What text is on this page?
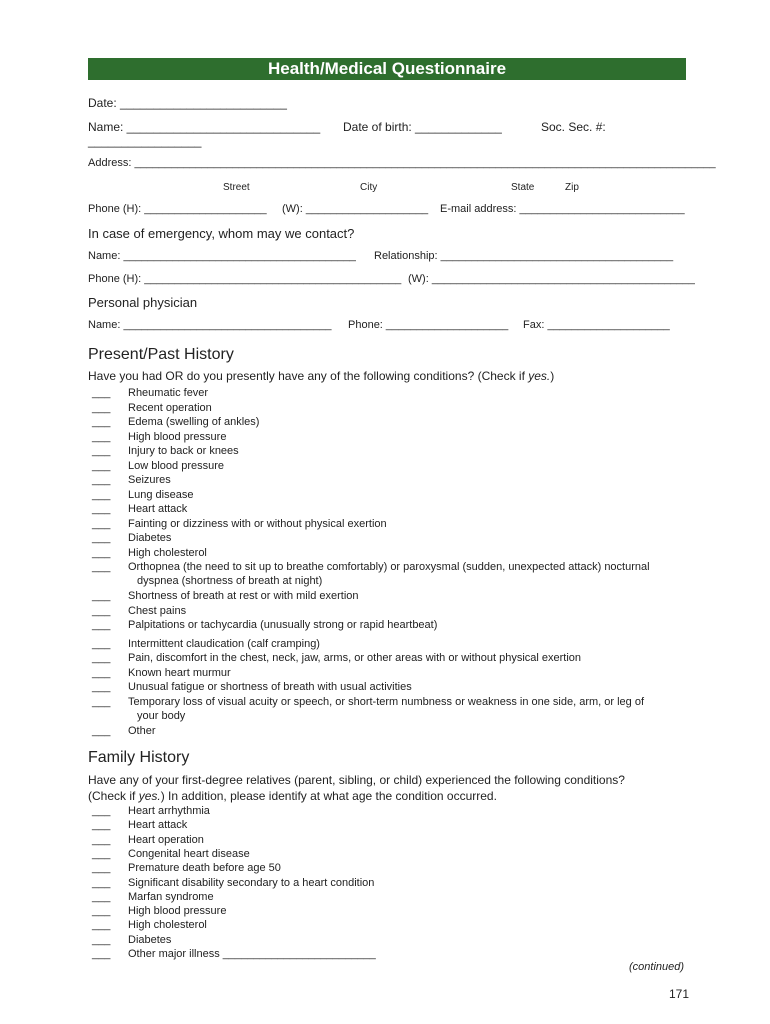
Health/Medical Questionnaire
Date: _________________________
Name: _____________________________ Date of birth: _____________	Soc. Sec. #:
_________________
Address: _______________________________________________________________________________________________
Street	City	State	Zip
Phone (H): ____________________ (W): ____________________ E-mail address: ___________________________
In case of emergency, whom may we contact?
Name: ______________________________________ Relationship: ______________________________________
Phone (H): __________________________________________ (W): ___________________________________________
Personal physician
Name: __________________________________ Phone: ____________________ Fax: ____________________
Present/Past History
Have you had OR do you presently have any of the following conditions? (Check if yes.)
___ Rheumatic fever
___ Recent operation
___ Edema (swelling of ankles)
___ High blood pressure
___ Injury to back or knees
___ Low blood pressure
___ Seizures
___ Lung disease
___ Heart attack
___ Fainting or dizziness with or without physical exertion
___ Diabetes
___ High cholesterol
___ Orthopnea (the need to sit up to breathe comfortably) or paroxysmal (sudden, unexpected attack) nocturnal
dyspnea (shortness of breath at night)
___ Shortness of breath at rest or with mild exertion
___ Chest pains
___ Palpitations or tachycardia (unusually strong or rapid heartbeat)
___ Intermittent claudication (calf cramping)
___ Pain, discomfort in the chest, neck, jaw, arms, or other areas with or without physical exertion
___ Known heart murmur
___ Unusual fatigue or shortness of breath with usual activities
___ Temporary loss of visual acuity or speech, or short-term numbness or weakness in one side, arm, or leg of
your body
___ Other
Family History
Have any of your first-degree relatives (parent, sibling, or child) experienced the following conditions?
(Check if yes.) In addition, please identify at what age the condition occurred.
___ Heart arrhythmia
___ Heart attack
___ Heart operation
___ Congenital heart disease
___ Premature death before age 50
___ Significant disability secondary to a heart condition
___ Marfan syndrome
___ High blood pressure
___ High cholesterol
___ Diabetes
___ Other major illness _________________________
(continued)
171
